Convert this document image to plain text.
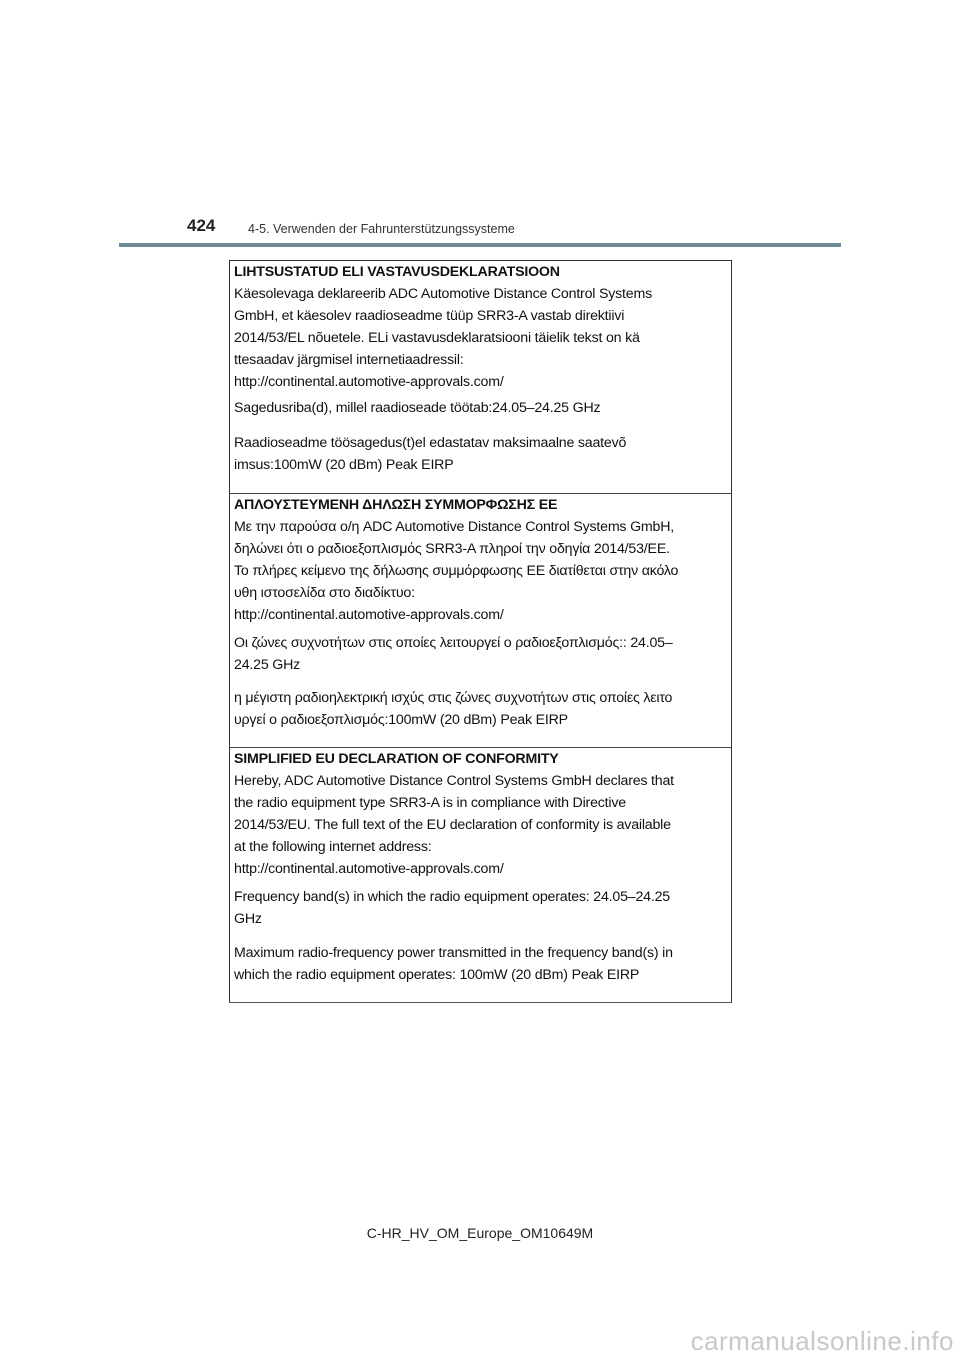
424	4-5. Verwenden der Fahrunterstützungssysteme
LIHTSUSTATUD ELI VASTAVUSDEKLARATSIOON
Käesolevaga deklareerib ADC Automotive Distance Control Systems
GmbH, et käesolev raadioseadme tüüp SRR3-A vastab direktiivi
2014/53/EL nõuetele. ELi vastavusdeklaratsiooni täielik tekst on kä
ttesaadav järgmisel internetiaadressil:
http://continental.automotive-approvals.com/
Sagedusriba(d), millel raadioseade töötab:24.05–24.25 GHz
Raadioseadme töösagedus(t)el edastatav maksimaalne saatevõ
imsus:100mW (20 dBm) Peak EIRP
ΑΠΛΟΥΣΤΕΥΜΕΝΗ ΔΗΛΩΣΗ ΣΥΜΜΟΡΦΩΣΗΣ ΕΕ
Με την παρούσα ο/η ADC Automotive Distance Control Systems GmbH,
δηλώνει ότι ο ραδιοεξοπλισμός SRR3-A πληροί την οδηγία 2014/53/ΕΕ.
Το πλήρες κείμενο της δήλωσης συμμόρφωσης ΕΕ διατίθεται στην ακόλο
υθη ιστοσελίδα στο διαδίκτυο:
http://continental.automotive-approvals.com/
Οι ζώνες συχνοτήτων στις οποίες λειτουργεί ο ραδιοεξοπλισμός:: 24.05–
24.25 GHz
η μέγιστη ραδιοηλεκτρική ισχύς στις ζώνες συχνοτήτων στις οποίες λειτο
υργεί ο ραδιοεξοπλισμός:100mW (20 dBm) Peak EIRP
SIMPLIFIED EU DECLARATION OF CONFORMITY
Hereby, ADC Automotive Distance Control Systems GmbH declares that
the radio equipment type SRR3-A is in compliance with Directive
2014/53/EU. The full text of the EU declaration of conformity is available
at the following internet address:
http://continental.automotive-approvals.com/
Frequency band(s) in which the radio equipment operates: 24.05–24.25
GHz
Maximum radio-frequency power transmitted in the frequency band(s) in
which the radio equipment operates: 100mW (20 dBm) Peak EIRP
C-HR_HV_OM_Europe_OM10649M
carmanualsonline.info
